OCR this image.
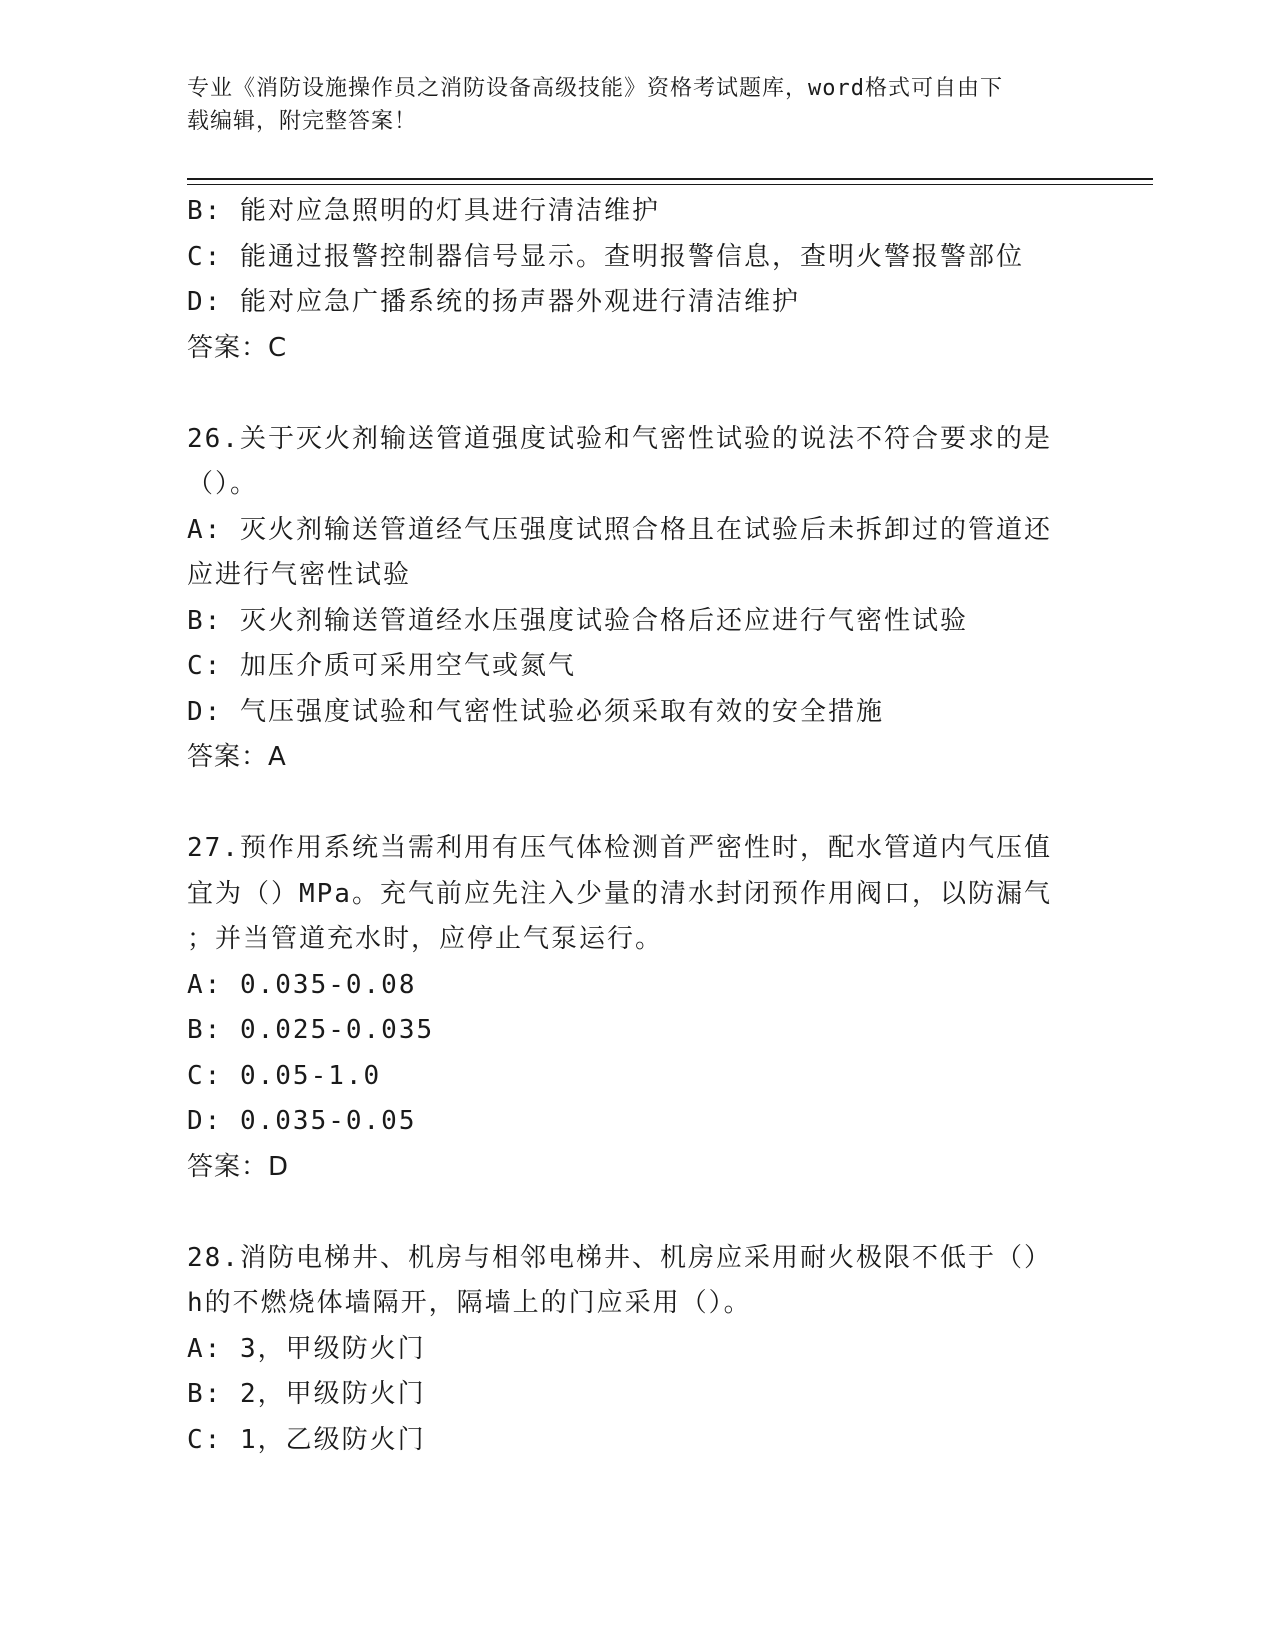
专业《消防设施操作员之消防设备高级技能》资格考试题库，word格式可自由下
载编辑，附完整答案！
B: 能对应急照明的灯具进行清洁维护
C: 能通过报警控制器信号显示。查明报警信息，查明火警报警部位
D: 能对应急广播系统的扬声器外观进行清洁维护
答案：C
26.关于灭火剂输送管道强度试验和气密性试验的说法不符合要求的是
（）。
A: 灭火剂输送管道经气压强度试照合格且在试验后未拆卸过的管道还
应进行气密性试验
B: 灭火剂输送管道经水压强度试验合格后还应进行气密性试验
C: 加压介质可采用空气或氮气
D: 气压强度试验和气密性试验必须采取有效的安全措施
答案：A
27.预作用系统当需利用有压气体检测首严密性时，配水管道内气压值
宜为（）MPa。充气前应先注入少量的清水封闭预作用阀口，以防漏气
；并当管道充水时，应停止气泵运行。
A: 0.035-0.08
B: 0.025-0.035
C: 0.05-1.0
D: 0.035-0.05
答案：D
28.消防电梯井、机房与相邻电梯井、机房应采用耐火极限不低于（）
h的不燃烧体墙隔开，隔墙上的门应采用（）。
A: 3，甲级防火门
B: 2，甲级防火门
C: 1，乙级防火门
